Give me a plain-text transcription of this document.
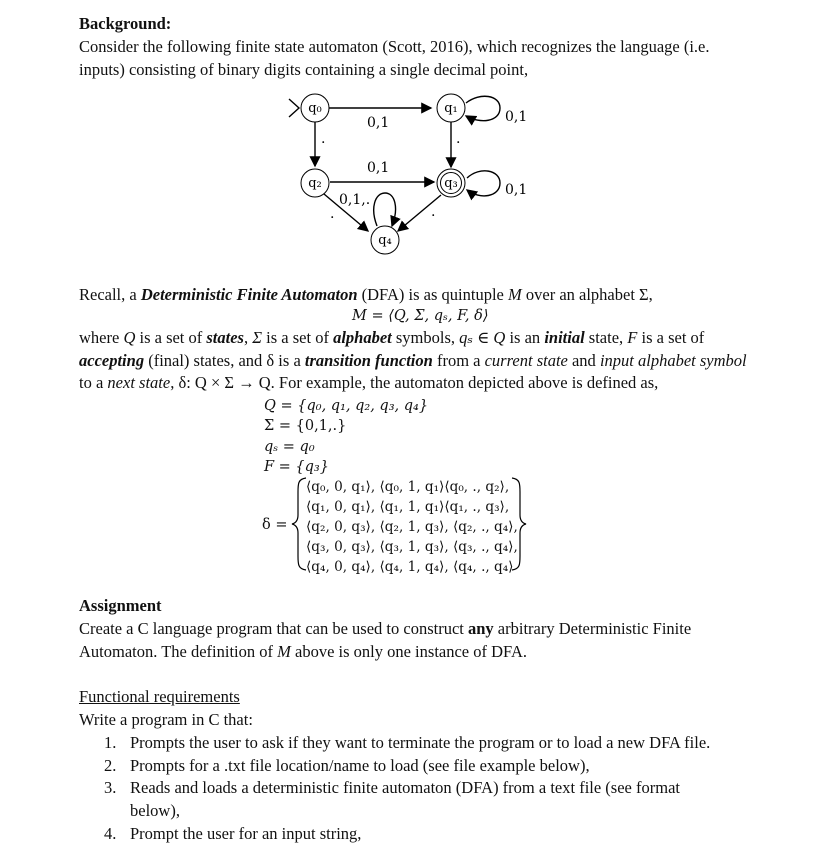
Background:
Consider the following finite state automaton (Scott, 2016), which recognizes the language (i.e. inputs) consisting of binary digits containing a single decimal point,
q₀	q₁
q₂	q₃
q₄
0,1	0,1
.	.
0,1
0,1
0,1,.
.	.
Recall, a Deterministic Finite Automaton (DFA) is as quintuple M over an alphabet Σ,
M = ⟨Q, Σ, qₛ, F, δ⟩
where Q is a set of states, Σ is a set of alphabet symbols, qₛ ∈ Q is an initial state, F is a set of accepting (final) states, and δ is a transition function from a current state and input alphabet symbol to a next state, δ: Q × Σ → Q. For example, the automaton depicted above is defined as,
Q = {q₀, q₁, q₂, q₃, q₄}
Σ = {0,1,.}
qₛ = q₀
F = {q₃}
δ =
⟨q₀, 0, q₁⟩, ⟨q₀, 1, q₁⟩⟨q₀, ., q₂⟩,
⟨q₁, 0, q₁⟩, ⟨q₁, 1, q₁⟩⟨q₁, ., q₃⟩,
⟨q₂, 0, q₃⟩, ⟨q₂, 1, q₃⟩, ⟨q₂, ., q₄⟩,
⟨q₃, 0, q₃⟩, ⟨q₃, 1, q₃⟩, ⟨q₃, ., q₄⟩,
⟨q₄, 0, q₄⟩, ⟨q₄, 1, q₄⟩, ⟨q₄, ., q₄⟩
Assignment
Create a C language program that can be used to construct any arbitrary Deterministic Finite Automaton. The definition of M above is only one instance of DFA.
Functional requirements
Write a program in C that:
1. Prompts the user to ask if they want to terminate the program or to load a new DFA file.
2. Prompts for a .txt file location/name to load (see file example below),
3. Reads and loads a deterministic finite automaton (DFA) from a text file (see format below),
4. Prompt the user for an input string,
